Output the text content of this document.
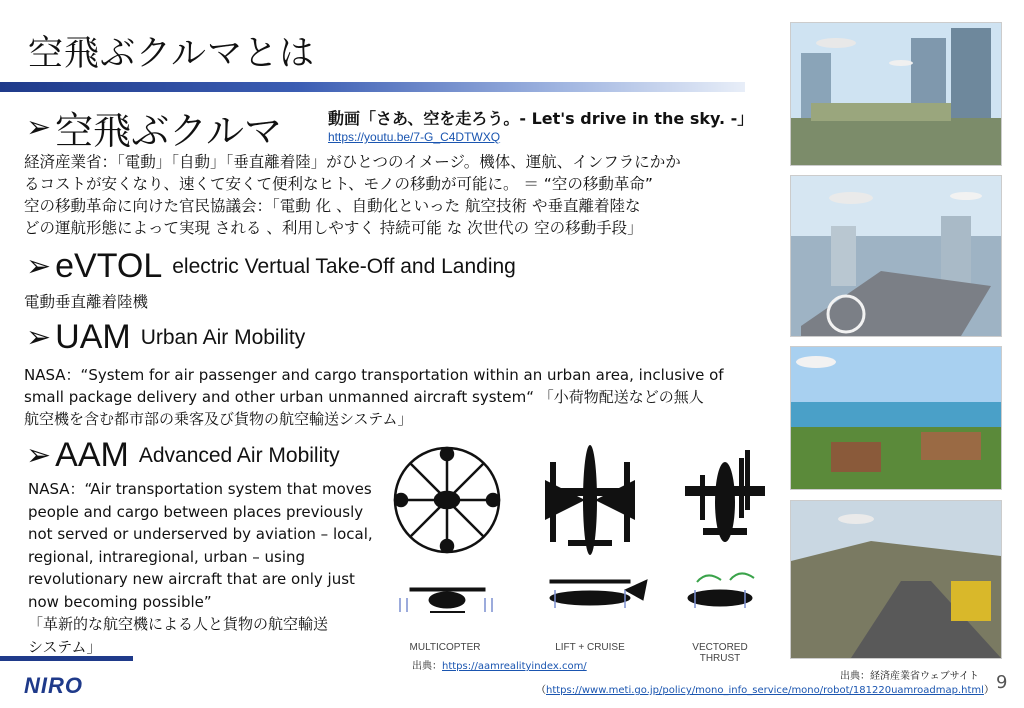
空飛ぶクルマとは
➢ 空飛ぶクルマ	動画「さあ、空を走ろう。- Let's drive in the sky. -」
https://youtu.be/7-G_C4DTWXQ
経済産業省：「電動」「自動」「垂直離着陸」がひとつのイメージ。機体、運航、インフラにかか
るコストが安くなり、速くて安くて便利なヒト、モノの移動が可能に。 ＝ “空の移動革命”
空の移動革命に向けた官民協議会：「電動 化 、自動化といった 航空技術 や垂直離着陸な
どの運航形態によって実現 される 、利用しやすく 持続可能 な 次世代の 空の移動手段」
➢ eVTOL electric Vertual Take-Off and Landing
電動垂直離着陸機
➢ UAM Urban Air Mobility
NASA：“System for air passenger and cargo transportation within an urban area, inclusive of
small package delivery and other urban unmanned aircraft system“ 「小荷物配送などの無人
航空機を含む都市部の乗客及び貨物の航空輸送システム」
➢ AAM Advanced Air Mobility
NASA：“Air transportation system that moves
people and cargo between places previously
not served or underserved by aviation – local,
regional, intraregional, urban – using
revolutionary new aircraft that are only just
now becoming possible”
「革新的な航空機による人と貨物の航空輸送
システム」	MULTICOPTER	LIFT + CRUISE	VECTORED THRUST
出典：https://aamrealityindex.com/
NIRO	出典：経済産業省ウェブサイト
（https://www.meti.go.jp/policy/mono_info_service/mono/robot/181220uamroadmap.html） 9
